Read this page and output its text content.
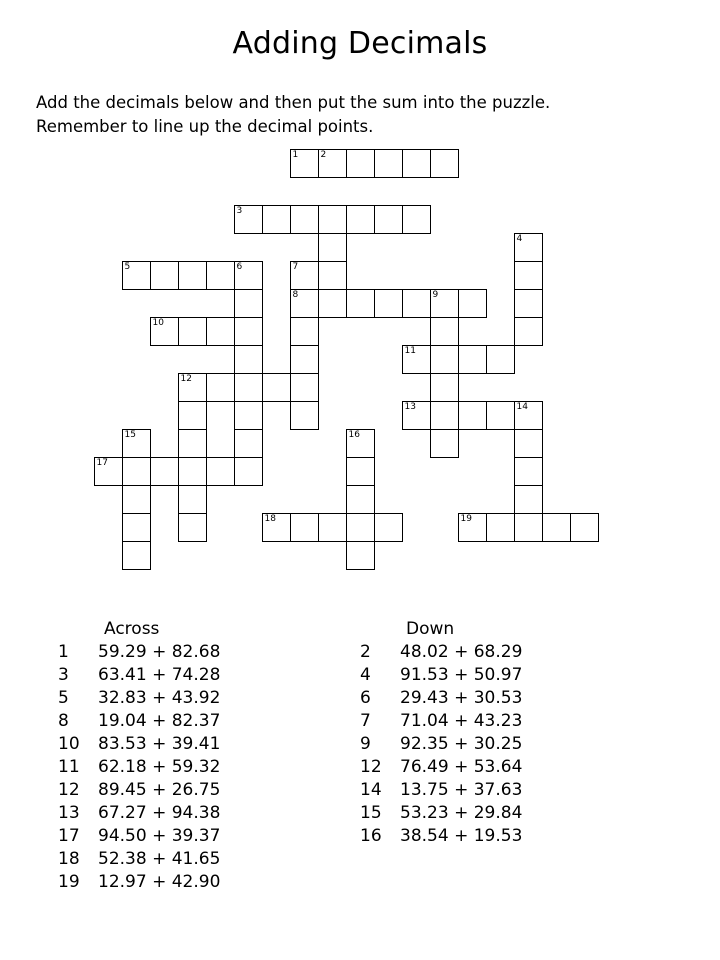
Adding Decimals

Add the decimals below and then put the sum into the puzzle. Remember to line up the decimal points.

1 2
3
4
5	6	7
8	9
10
11
12
13	14
15	16
17
18	19
Across
1 59.29 + 82.68
3 63.41 + 74.28
5 32.83 + 43.92
8 19.04 + 82.37
10 83.53 + 39.41
11 62.18 + 59.32
12 89.45 + 26.75
13 67.27 + 94.38
17 94.50 + 39.37
18 52.38 + 41.65
19 12.97 + 42.90
Down
2 48.02 + 68.29
4 91.53 + 50.97
6 29.43 + 30.53
7 71.04 + 43.23
9 92.35 + 30.25
12 76.49 + 53.64
14 13.75 + 37.63
15 53.23 + 29.84
16 38.54 + 19.53
